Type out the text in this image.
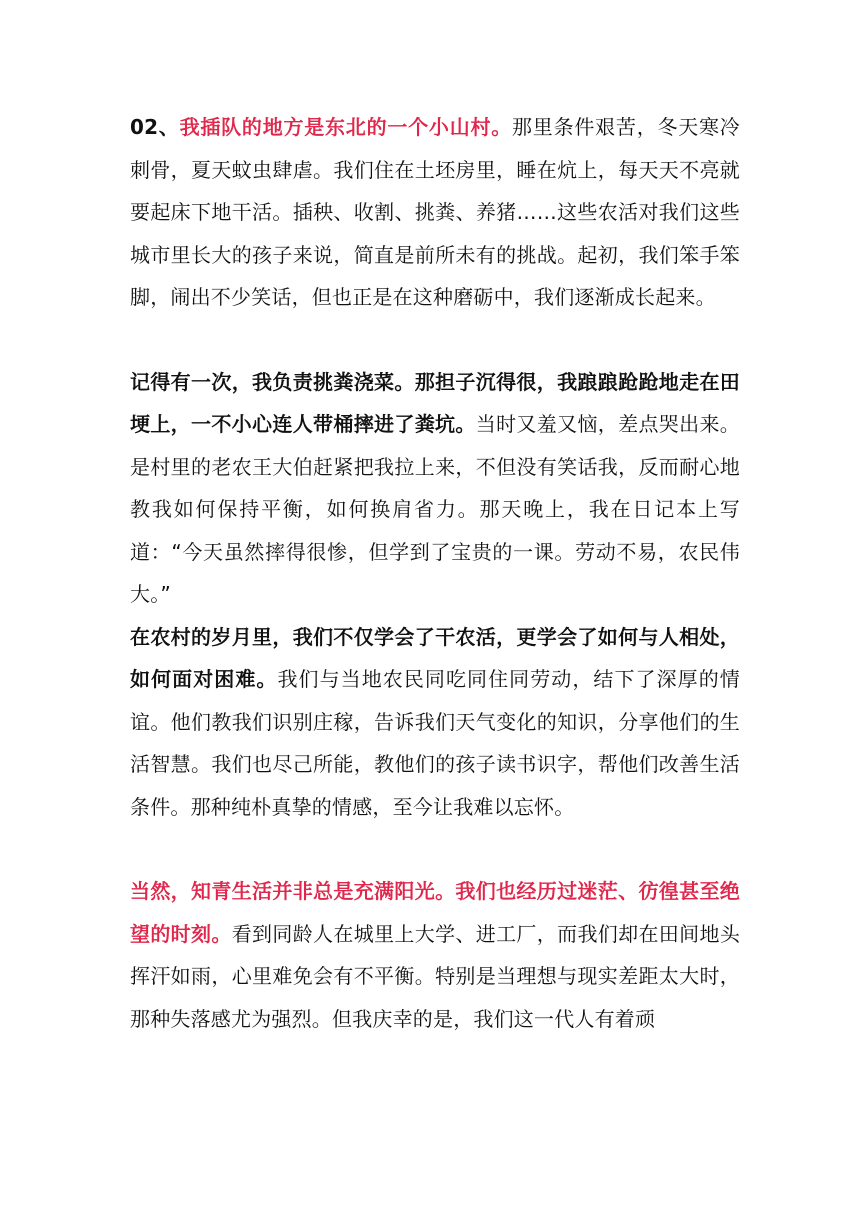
02、我插队的地方是东北的一个小山村。那里条件艰苦，冬天寒冷刺骨，夏天蚊虫肆虐。我们住在土坯房里，睡在炕上，每天天不亮就要起床下地干活。插秧、收割、挑粪、养猪……这些农活对我们这些城市里长大的孩子来说，简直是前所未有的挑战。起初，我们笨手笨脚，闹出不少笑话，但也正是在这种磨砺中，我们逐渐成长起来。

记得有一次，我负责挑粪浇菜。那担子沉得很，我踉踉跄跄地走在田埂上，一不小心连人带桶摔进了粪坑。当时又羞又恼，差点哭出来。是村里的老农王大伯赶紧把我拉上来，不但没有笑话我，反而耐心地教我如何保持平衡，如何换肩省力。那天晚上，我在日记本上写道：“今天虽然摔得很惨，但学到了宝贵的一课。劳动不易，农民伟大。”

在农村的岁月里，我们不仅学会了干农活，更学会了如何与人相处，如何面对困难。我们与当地农民同吃同住同劳动，结下了深厚的情谊。他们教我们识别庄稼，告诉我们天气变化的知识，分享他们的生活智慧。我们也尽己所能，教他们的孩子读书识字，帮他们改善生活条件。那种纯朴真挚的情感，至今让我难以忘怀。

当然，知青生活并非总是充满阳光。我们也经历过迷茫、彷徨甚至绝望的时刻。看到同龄人在城里上大学、进工厂，而我们却在田间地头挥汗如雨，心里难免会有不平衡。特别是当理想与现实差距太大时，那种失落感尤为强烈。但我庆幸的是，我们这一代人有着顽
